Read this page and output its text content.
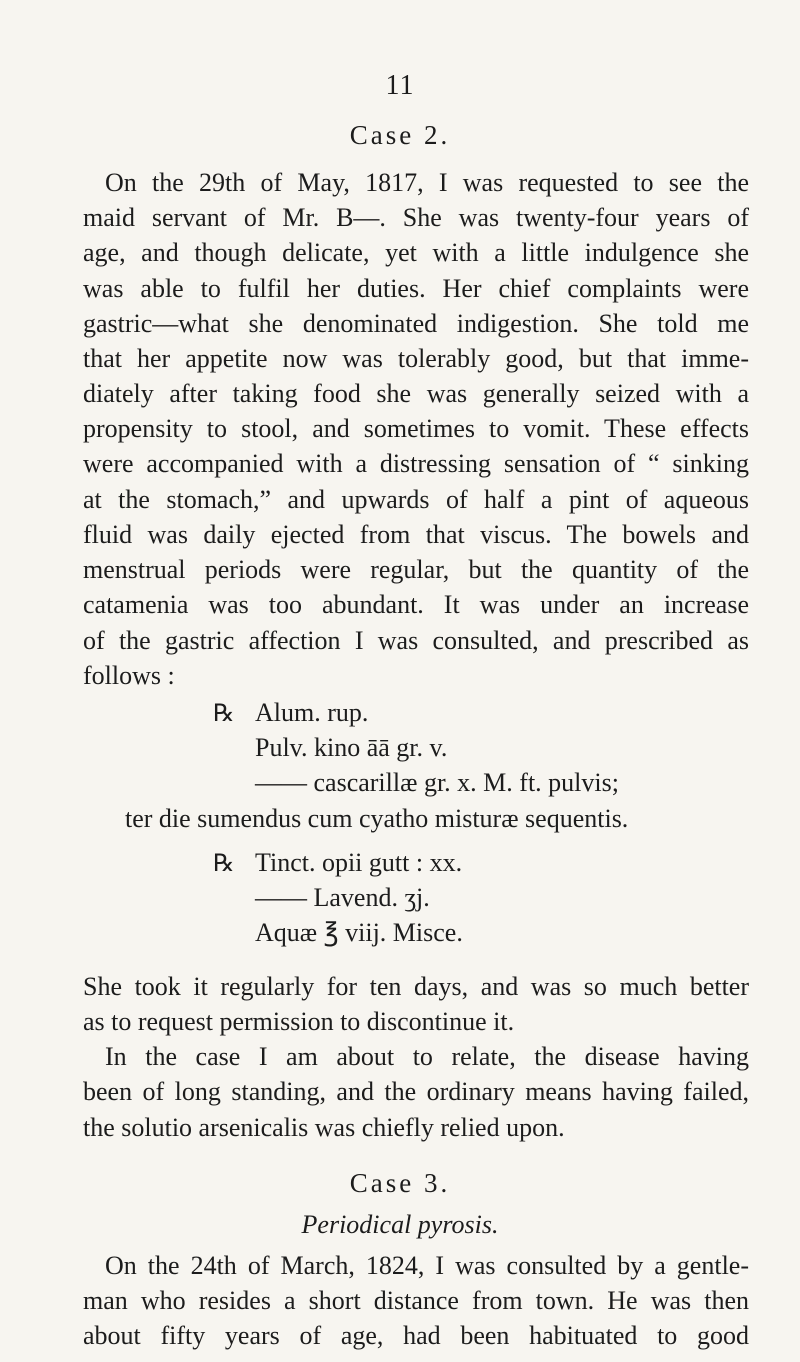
11
Case 2.
On the 29th of May, 1817, I was requested to see the
maid servant of Mr. B—. She was twenty-four years of
age, and though delicate, yet with a little indulgence she
was able to fulfil her duties. Her chief complaints were
gastric—what she denominated indigestion. She told me
that her appetite now was tolerably good, but that imme-
diately after taking food she was generally seized with a
propensity to stool, and sometimes to vomit. These effects
were accompanied with a distressing sensation of “ sinking
at the stomach,” and upwards of half a pint of aqueous
fluid was daily ejected from that viscus. The bowels and
menstrual periods were regular, but the quantity of the
catamenia was too abundant. It was under an increase
of the gastric affection I was consulted, and prescribed as
follows :
℞ Alum. rup.
Pulv. kino āā gr. v.
—— cascarillæ gr. x. M. ft. pulvis;
ter die sumendus cum cyatho misturæ sequentis.
℞ Tinct. opii gutt : xx.
—— Lavend. ʒj.
Aquæ ℥ viij. Misce.
She took it regularly for ten days, and was so much better
as to request permission to discontinue it.
In the case I am about to relate, the disease having
been of long standing, and the ordinary means having failed,
the solutio arsenicalis was chiefly relied upon.
Case 3.
Periodical pyrosis.
On the 24th of March, 1824, I was consulted by a gentle-
man who resides a short distance from town. He was then
about fifty years of age, had been habituated to good
